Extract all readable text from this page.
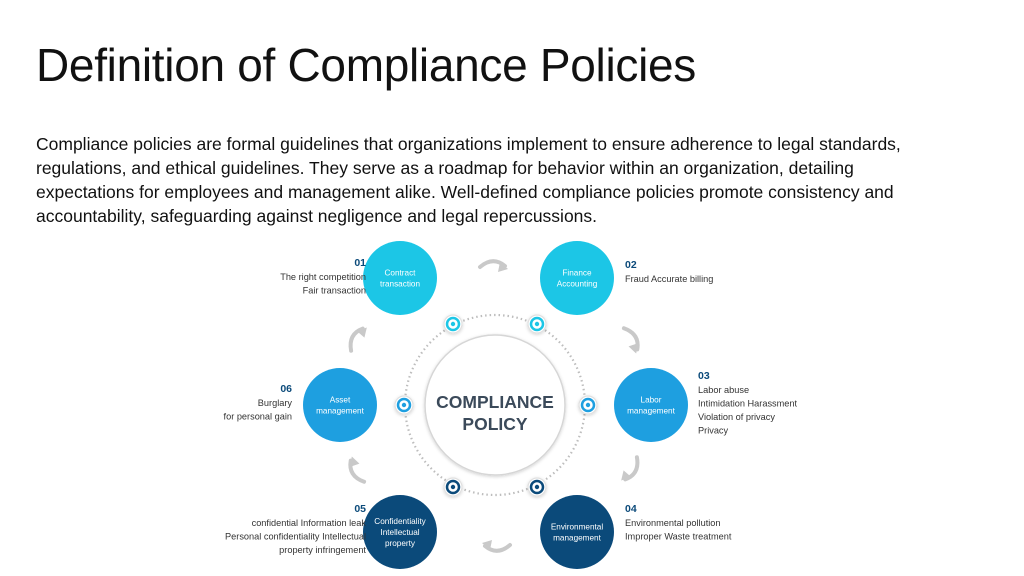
Definition of Compliance Policies

Compliance policies are formal guidelines that organizations implement to ensure adherence to legal standards, regulations, and ethical guidelines. They serve as a roadmap for behavior within an organization, detailing expectations for employees and management alike. Well-defined compliance policies promote consistency and accountability, safeguarding against negligence and legal repercussions.

COMPLIANCE
POLICY
Contract
transaction
Finance
Accounting
Labor
management
Environmental
management
Confidentiality
Intellectual
property
Asset
management
01
The right competition
Fair transaction
02
Fraud Accurate billing
03
Labor abuse
Intimidation Harassment
Violation of privacy
Privacy
04
Environmental pollution
Improper Waste treatment
05
confidential Information leak
Personal confidentiality Intellectual
property infringement
06
Burglary
for personal gain
